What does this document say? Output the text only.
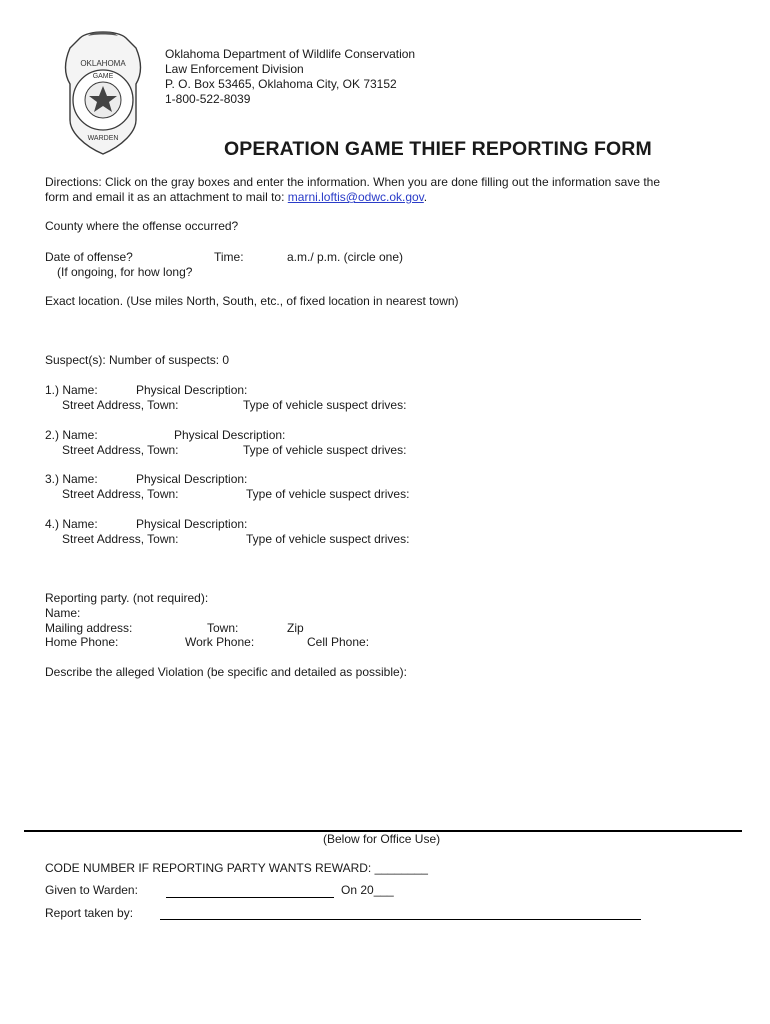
OKLAHOMA
GAME
WARDEN
Oklahoma Department of Wildlife Conservation
Law Enforcement Division
P. O. Box 53465, Oklahoma City, OK 73152
1-800-522-8039
OPERATION GAME THIEF REPORTING FORM
Directions: Click on the gray boxes and enter the information. When you are done filling out the information save the
form and email it as an attachment to mail to: marni.loftis@odwc.ok.gov.
County where the offense occurred?
Date of offense?	Time:	a.m./ p.m. (circle one)
(If ongoing, for how long?
Exact location. (Use miles North, South, etc., of fixed location in nearest town)
Suspect(s): Number of suspects: 0
1.) Name:	Physical Description:
Street Address, Town:	Type of vehicle suspect drives:
2.) Name:	Physical Description:
Street Address, Town:	Type of vehicle suspect drives:
3.) Name:	Physical Description:
Street Address, Town:	Type of vehicle suspect drives:
4.) Name:	Physical Description:
Street Address, Town:	Type of vehicle suspect drives:
Reporting party. (not required):
Name:
Mailing address:	Town:	Zip
Home Phone:	Work Phone:	Cell Phone:
Describe the alleged Violation (be specific and detailed as possible):
(Below for Office Use)
CODE NUMBER IF REPORTING PARTY WANTS REWARD: ________
Given to Warden:	On 20___
Report taken by:
